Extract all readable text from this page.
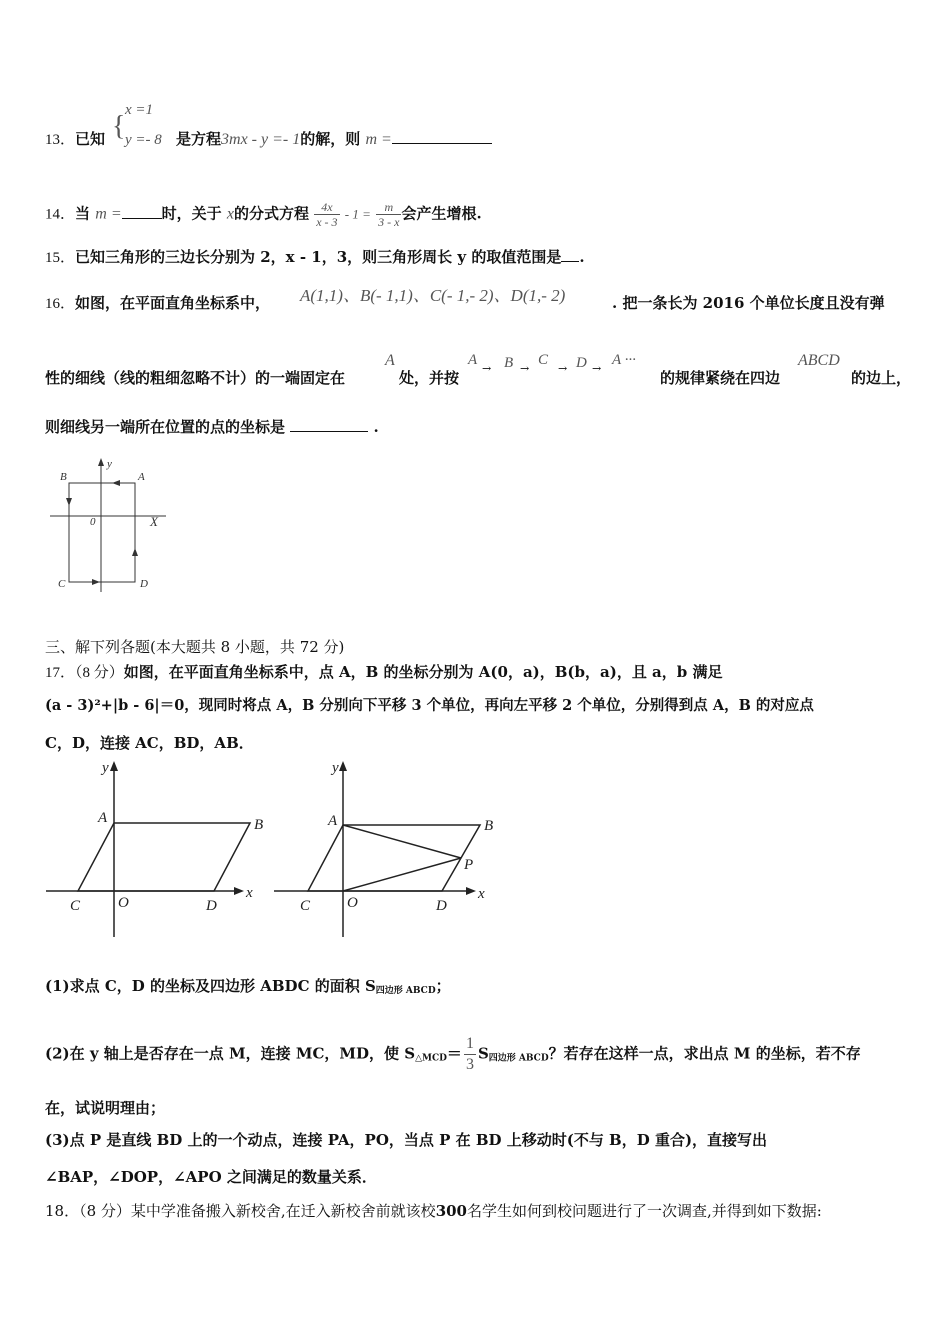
13．已知 {
x =1
y =- 8 是方程3mx - y =- 1的解，则 m =
14．当 m =	时，关于 x的分式方程 $\frac{4x}{x - 3} - 1 = \frac{m}{3 - x}$ 会产生增根.
15．已知三角形的三边长分别为 2，x - 1，3，则三角形周长 y 的取值范围是 .
16．如图，在平面直角坐标系中， A(1,1)、B(- 1,1)、C(- 1,- 2)、D(1,- 2)	. 把一条长为 2016 个单位长度且没有弹
性的细线（线的粗细忽略不计）的一端固定在
A
处，并按
A
→ B →
C
→ D →
A ···
的规律紧绕在四边
ABCD
的边上，
则细线另一端所在位置的点的坐标是	.
y
A
B
0	X
C	D
三、解下列各题(本大题共 8 小题，共 72 分)
17．（8 分）如图，在平面直角坐标系中，点 A，B 的坐标分别为 A(0，a)，B(b，a)，且 a，b 满足
(a - 3)²+|b - 6|＝0，现同时将点 A，B 分别向下平移 3 个单位，再向左平移 2 个单位，分别得到点 A，B 的对应点
C，D，连接 AC，BD，AB．
y
A	B
C	O	D
x
y
A	B
P
C O	D
x
(1)求点 C，D 的坐标及四边形 ABDC 的面积 $S_{四边形 ABCD}$；
(2)在 y 轴上是否存在一点 M，连接 MC，MD，使 $S_{\triangle MCD}= \frac{1}{3} S_{四边形 ABCD}$？若存在这样一点，求出点 M 的坐标，若不存
在，试说明理由；
(3)点 P 是直线 BD 上的一个动点，连接 PA，PO，当点 P 在 BD 上移动时(不与 B，D 重合)，直接写出
∠BAP，∠DOP，∠APO 之间满足的数量关系．
18．（8 分）某中学准备搬入新校舍,在迁入新校舍前就该校300名学生如何到校问题进行了一次调查,并得到如下数据:
